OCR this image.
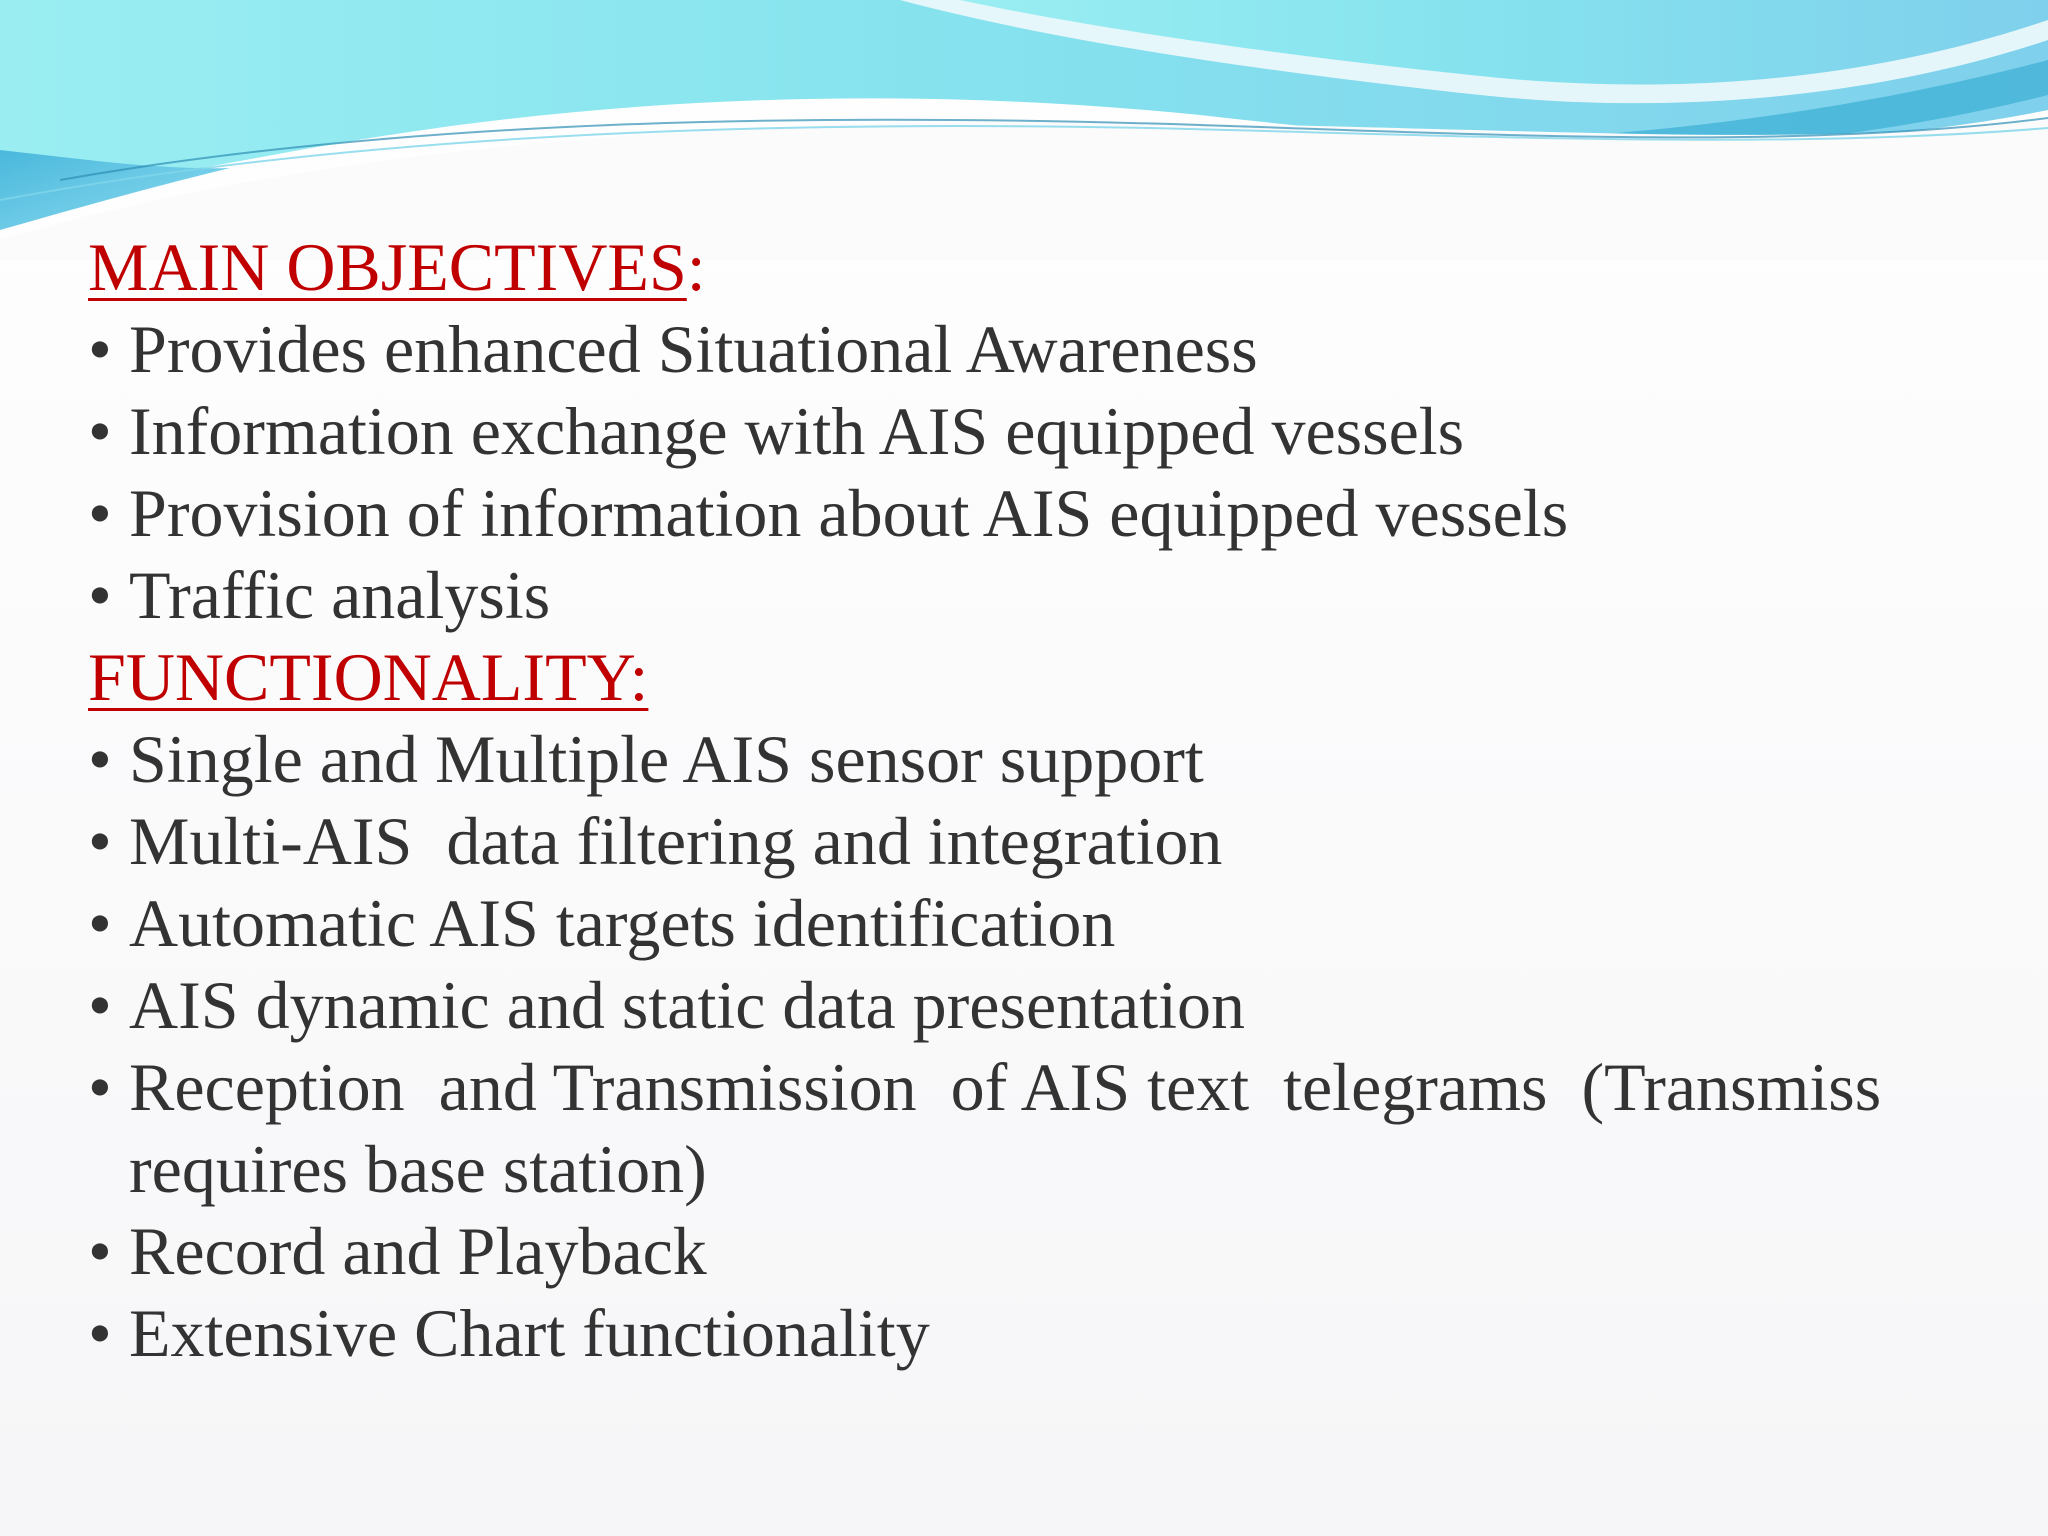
MAIN OBJECTIVES:
• Provides enhanced Situational Awareness
• Information exchange with AIS equipped vessels
• Provision of information about AIS equipped vessels
• Traffic analysis
FUNCTIONALITY:
• Single and Multiple AIS sensor support
• Multi-AIS  data filtering and integration
• Automatic AIS targets identification
• AIS dynamic and static data presentation
• Reception  and Transmission  of AIS text  telegrams  (Transmiss
requires base station)
• Record and Playback
• Extensive Chart functionality
